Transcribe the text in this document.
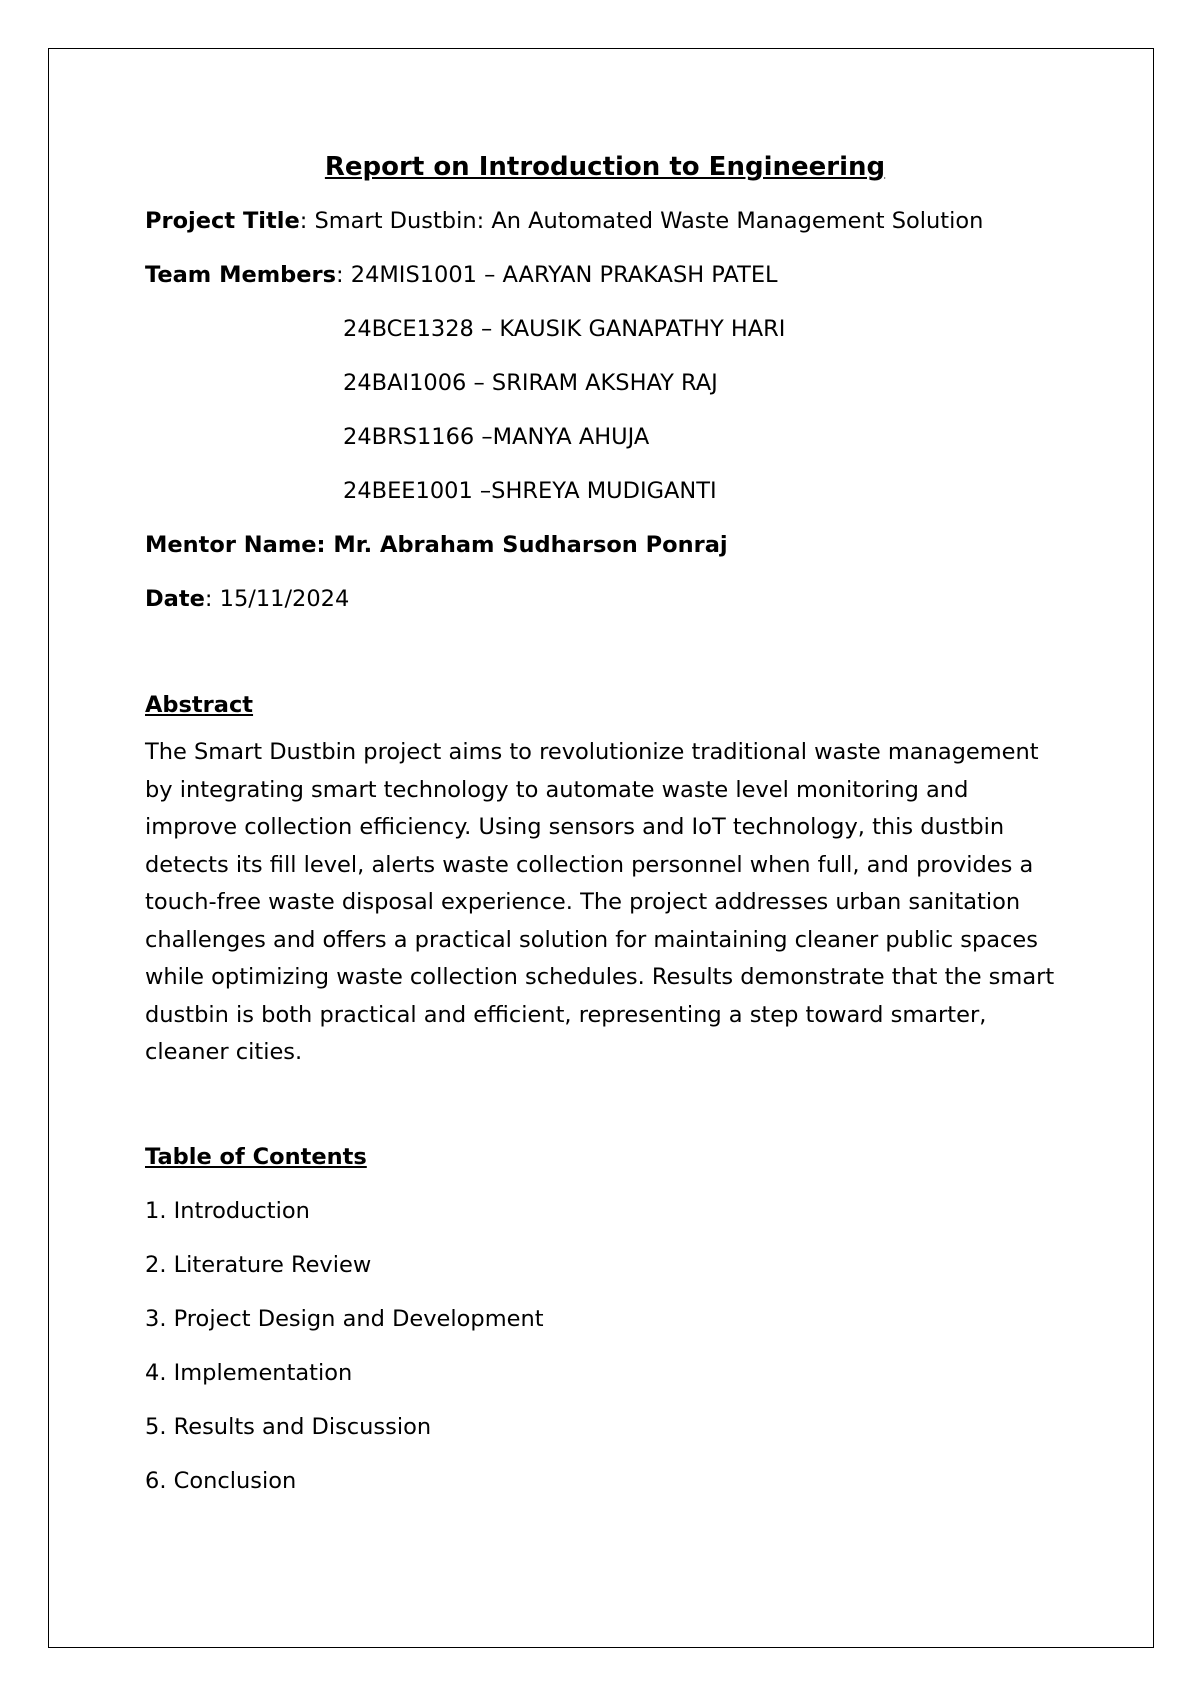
Report on Introduction to Engineering

Project Title: Smart Dustbin: An Automated Waste Management Solution

Team Members: 24MIS1001 – AARYAN PRAKASH PATEL
24BCE1328 – KAUSIK GANAPATHY HARI
24BAI1006 – SRIRAM AKSHAY RAJ
24BRS1166 –MANYA AHUJA
24BEE1001 –SHREYA MUDIGANTI

Mentor Name: Mr. Abraham Sudharson Ponraj

Date: 15/11/2024

Abstract

The Smart Dustbin project aims to revolutionize traditional waste management by integrating smart technology to automate waste level monitoring and improve collection efficiency. Using sensors and IoT technology, this dustbin detects its fill level, alerts waste collection personnel when full, and provides a touch-free waste disposal experience. The project addresses urban sanitation challenges and offers a practical solution for maintaining cleaner public spaces while optimizing waste collection schedules. Results demonstrate that the smart dustbin is both practical and efficient, representing a step toward smarter, cleaner cities.

Table of Contents
1. Introduction
2. Literature Review
3. Project Design and Development
4. Implementation
5. Results and Discussion
6. Conclusion
